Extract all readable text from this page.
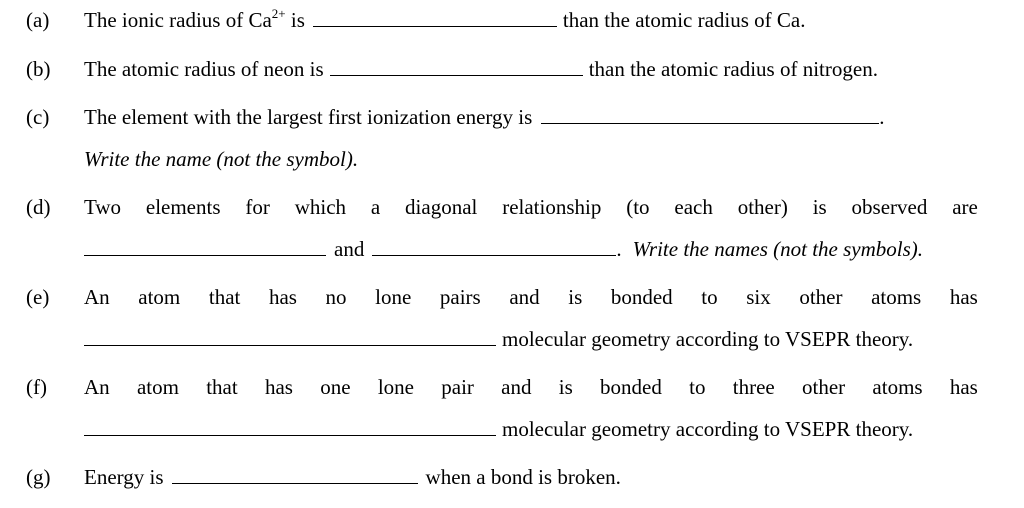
(a) The ionic radius of $Ca^{2+}$ is	than the atomic radius of Ca.
(b) The atomic radius of neon is	than the atomic radius of nitrogen.
(c) The element with the largest first ionization energy is	.
Write the name (not the symbol).
(d) Two elements for which a diagonal relationship (to each other) is observed are
and	. Write the names (not the symbols).
(e) An atom that has no lone pairs and is bonded to six other atoms has
molecular geometry according to VSEPR theory.
(f) An atom that has one lone pair and is bonded to three other atoms has
molecular geometry according to VSEPR theory.
(g) Energy is	when a bond is broken.
